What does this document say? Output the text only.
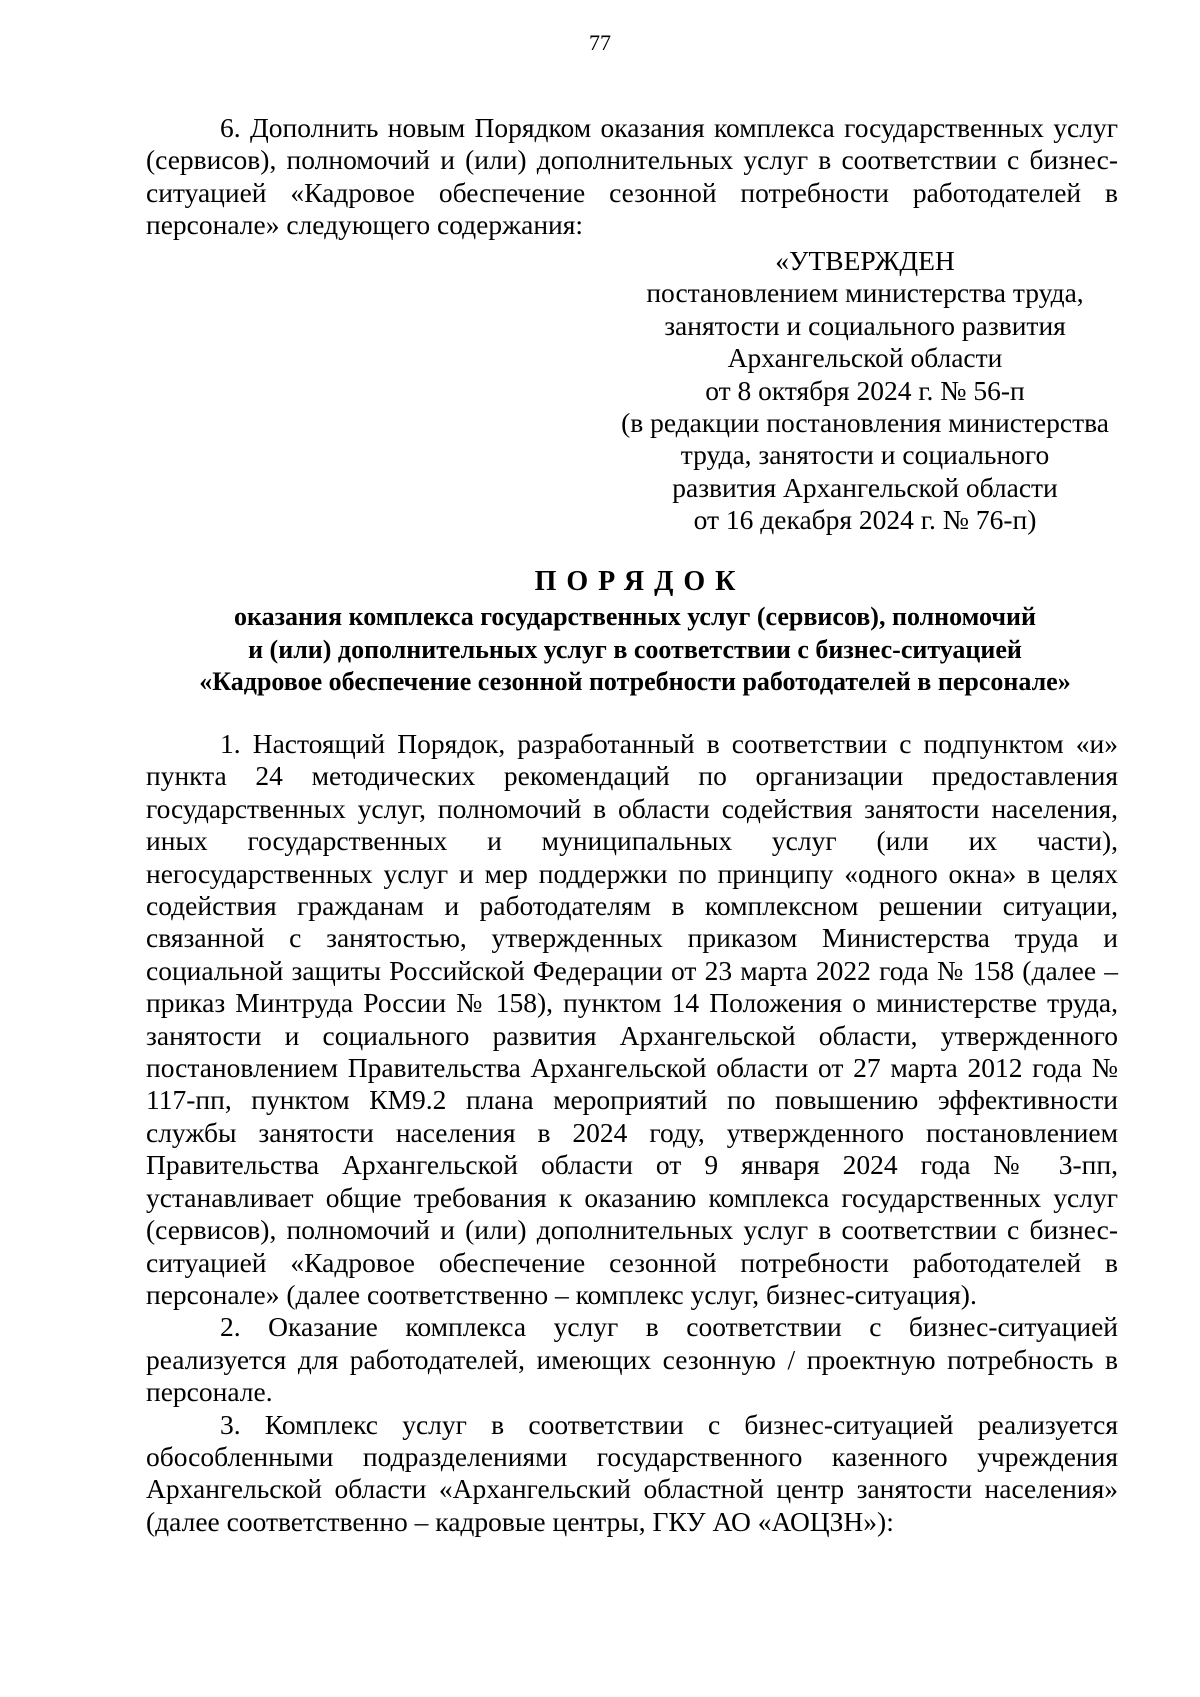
77

6. Дополнить новым Порядком оказания комплекса государственных услуг (сервисов), полномочий и (или) дополнительных услуг в соответствии с бизнес-ситуацией «Кадровое обеспечение сезонной потребности работодателей в персонале» следующего содержания:

«УТВЕРЖДЕН
постановлением министерства труда,
занятости и социального развития
Архангельской области
от 8 октября 2024 г. № 56-п
(в редакции постановления министерства
труда, занятости и социального
развития Архангельской области
от 16 декабря 2024 г. № 76-п)
ПОРЯДОК
оказания комплекса государственных услуг (сервисов), полномочий
и (или) дополнительных услуг в соответствии с бизнес-ситуацией
«Кадровое обеспечение сезонной потребности работодателей в персонале»

1. Настоящий Порядок, разработанный в соответствии с подпунктом «и» пункта 24 методических рекомендаций по организации предоставления государственных услуг, полномочий в области содействия занятости населения, иных государственных и муниципальных услуг (или их части), негосударственных услуг и мер поддержки по принципу «одного окна» в целях содействия гражданам и работодателям в комплексном решении ситуации, связанной с занятостью, утвержденных приказом Министерства труда и социальной защиты Российской Федерации от 23 марта 2022 года № 158 (далее – приказ Минтруда России № 158), пунктом 14 Положения о министерстве труда, занятости и социального развития Архангельской области, утвержденного постановлением Правительства Архангельской области от 27 марта 2012 года № 117-пп, пунктом КМ9.2 плана мероприятий по повышению эффективности службы занятости населения в 2024 году, утвержденного постановлением Правительства Архангельской области от 9 января 2024 года № 3-пп, устанавливает общие требования к оказанию комплекса государственных услуг (сервисов), полномочий и (или) дополнительных услуг в соответствии с бизнес-ситуацией «Кадровое обеспечение сезонной потребности работодателей в персонале» (далее соответственно – комплекс услуг, бизнес-ситуация).

2. Оказание комплекса услуг в соответствии с бизнес-ситуацией реализуется для работодателей, имеющих сезонную / проектную потребность в персонале.

3. Комплекс услуг в соответствии с бизнес-ситуацией реализуется обособленными подразделениями государственного казенного учреждения Архангельской области «Архангельский областной центр занятости населения» (далее соответственно – кадровые центры, ГКУ АО «АОЦЗН»):
